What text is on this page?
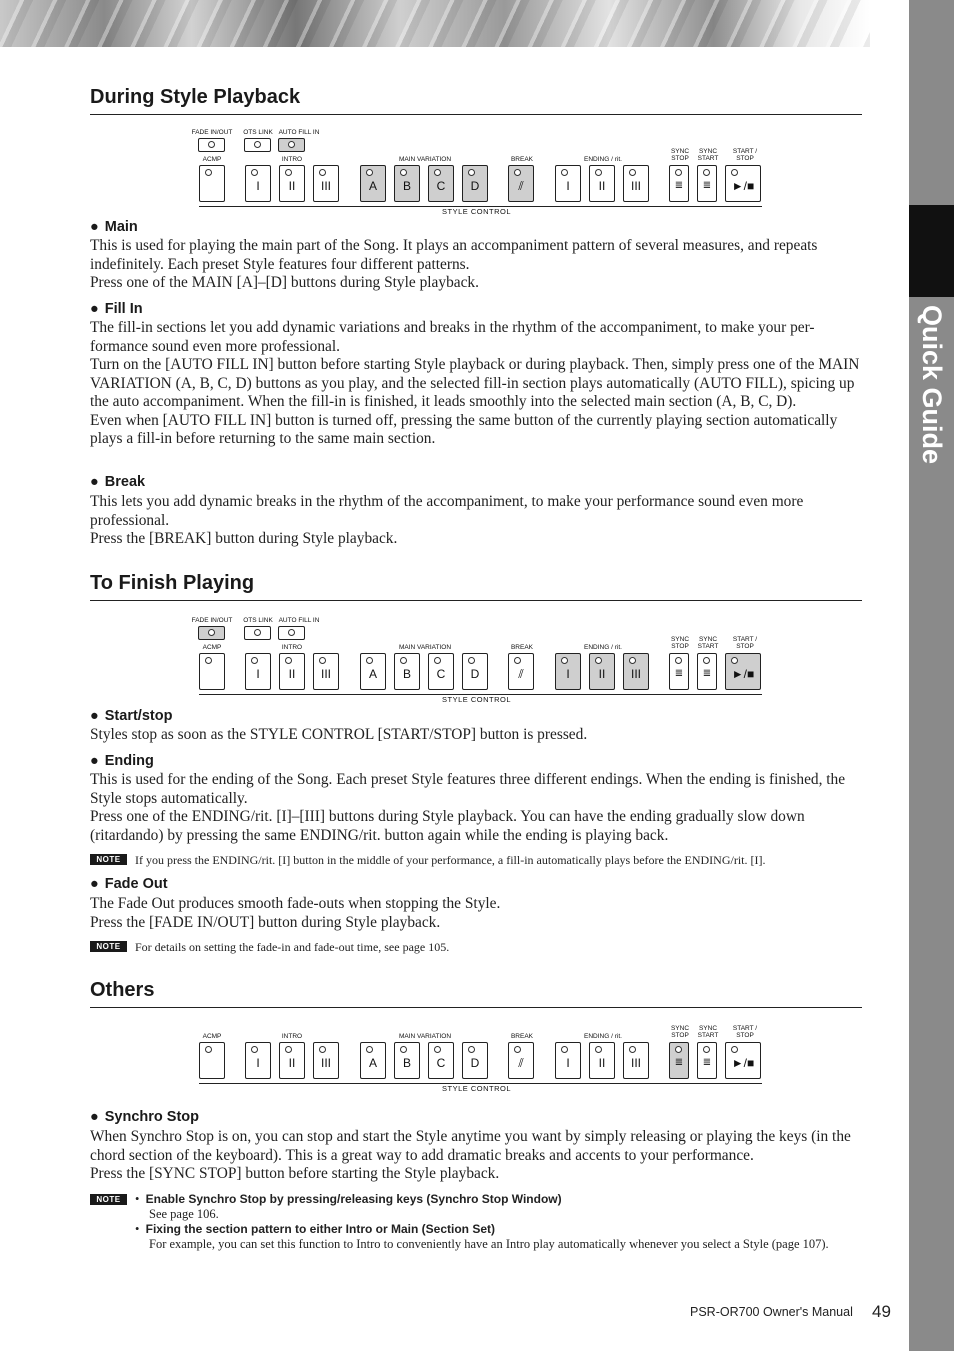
Quick Guide
During Style Playback
FADE IN/OUT	OTS LINK AUTO FILL IN
ACMP	INTRO	MAIN VARIATION	BREAK	ENDING / rit.
SYNC
STOP
SYNC
START
START /
STOP
I	II	III	A	B	C	D	⫽	I	II	III	≣	≣	►/■
STYLE CONTROL
● Main
This is used for playing the main part of the Song. It plays an accompaniment pattern of several measures, and repeats indefinitely. Each preset Style features four different patterns.
Press one of the MAIN [A]–[D] buttons during Style playback.
● Fill In
The fill-in sections let you add dynamic variations and breaks in the rhythm of the accompaniment, to make your per-formance sound even more professional.
Turn on the [AUTO FILL IN] button before starting Style playback or during playback. Then, simply press one of the MAIN VARIATION (A, B, C, D) buttons as you play, and the selected fill-in section plays automatically (AUTO FILL), spicing up the auto accompaniment. When the fill-in is finished, it leads smoothly into the selected main section (A, B, C, D).
Even when [AUTO FILL IN] button is turned off, pressing the same button of the currently playing section automatically plays a fill-in before returning to the same main section.
● Break
This lets you add dynamic breaks in the rhythm of the accompaniment, to make your performance sound even more professional.
Press the [BREAK] button during Style playback.
To Finish Playing
FADE IN/OUT	OTS LINK AUTO FILL IN
ACMP	INTRO	MAIN VARIATION	BREAK	ENDING / rit.
SYNC
STOP
SYNC
START
START /
STOP
I	II	III	A	B	C	D	⫽	I	II	III	≣	≣	►/■
STYLE CONTROL
● Start/stop
Styles stop as soon as the STYLE CONTROL [START/STOP] button is pressed.
● Ending
This is used for the ending of the Song. Each preset Style features three different endings. When the ending is finished, the Style stops automatically.
Press one of the ENDING/rit. [I]–[III] buttons during Style playback. You can have the ending gradually slow down (ritardando) by pressing the same ENDING/rit. button again while the ending is playing back.
NOTE	If you press the ENDING/rit. [I] button in the middle of your performance, a fill-in automatically plays before the ENDING/rit. [I].
● Fade Out
The Fade Out produces smooth fade-outs when stopping the Style.
Press the [FADE IN/OUT] button during Style playback.
NOTE	For details on setting the fade-in and fade-out time, see page 105.
Others
ACMP	INTRO	MAIN VARIATION	BREAK	ENDING / rit.
SYNC
STOP
SYNC
START
START /
STOP
I	II	III	A	B	C	D	⫽	I	II	III	≣	≣	►/■
STYLE CONTROL
● Synchro Stop
When Synchro Stop is on, you can stop and start the Style anytime you want by simply releasing or playing the keys (in the chord section of the keyboard). This is a great way to add dramatic breaks and accents to your performance.
Press the [SYNC STOP] button before starting the Style playback.
NOTE	• Enable Synchro Stop by pressing/releasing keys (Synchro Stop Window)
See page 106.
• Fixing the section pattern to either Intro or Main (Section Set)
For example, you can set this function to Intro to conveniently have an Intro play automatically whenever you select a Style (page 107).
PSR-OR700 Owner's Manual 49
